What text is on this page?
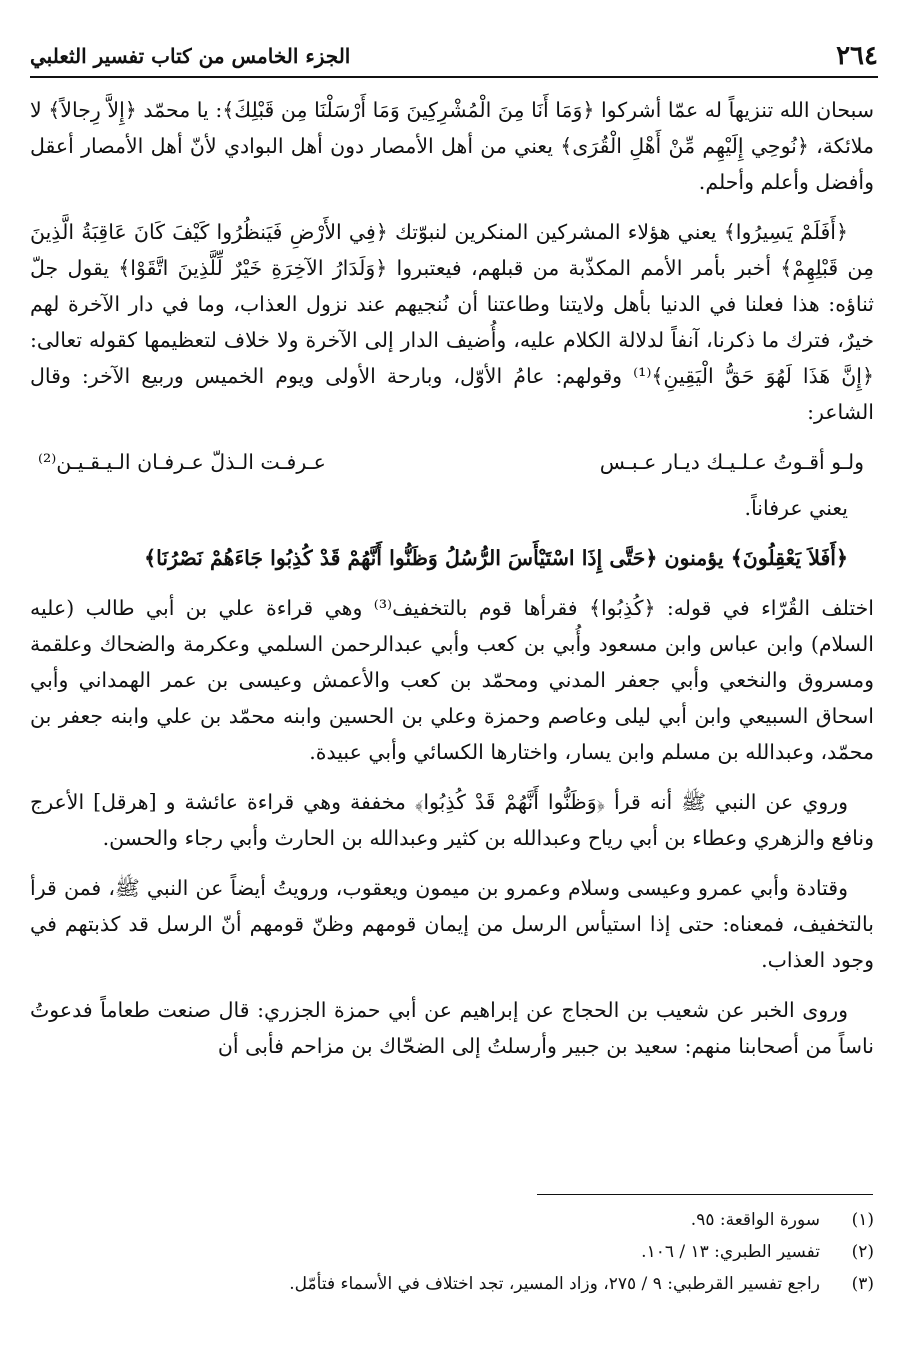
٢٦٤
الجزء الخامس من كتاب تفسير الثعلبي

سبحان الله تنزيهاً له عمّا أشركوا ﴿وَمَا أَنَا مِنَ الْمُشْرِكِينَ وَمَا أَرْسَلْنَا مِن قَبْلِكَ﴾: يا محمّد ﴿إِلاَّ رِجالاً﴾ لا ملائكة، ﴿نُوحِي إِلَيْهِم مِّنْ أَهْلِ الْقُرَى﴾ يعني من أهل الأمصار دون أهل البوادي لأنّ أهل الأمصار أعقل وأفضل وأعلم وأحلم.

﴿أَفَلَمْ يَسِيرُوا﴾ يعني هؤلاء المشركين المنكرين لنبوّتك ﴿فِي الأَرْضِ فَيَنظُرُوا كَيْفَ كَانَ عَاقِبَةُ الَّذِينَ مِن قَبْلِهِمْ﴾ أخبر بأمر الأمم المكذّبة من قبلهم، فيعتبروا ﴿وَلَدَارُ الآخِرَةِ خَيْرٌ لِّلَّذِينَ اتَّقَوْا﴾ يقول جلّ ثناؤه: هذا فعلنا في الدنيا بأهل ولايتنا وطاعتنا أن نُنجيهم عند نزول العذاب، وما في دار الآخرة لهم خيرٌ، فترك ما ذكرنا، آنفاً لدلالة الكلام عليه، وأُضيف الدار إلى الآخرة ولا خلاف لتعظيمها كقوله تعالى: ﴿إِنَّ هَذَا لَهُوَ حَقُّ الْيَقِينِ﴾⁽¹⁾ وقولهم: عامُ الأوّل، وبارحة الأولى ويوم الخميس وربيع الآخر: وقال الشاعر:

ولـو أقـوتُ عـلـيـك ديـار عـبـس
عـرفـت الـذلّ عـرفـان الـيـقـيـن⁽²⁾

يعني عرفاناً.

﴿أَفَلاَ يَعْقِلُونَ﴾ يؤمنون ﴿حَتَّى إِذَا اسْتَيْأَسَ الرُّسُلُ وَظَنُّوا أَنَّهُمْ قَدْ كُذِبُوا جَاءَهُمْ نَصْرُنَا﴾

اختلف القُرّاء في قوله: ﴿كُذِبُوا﴾ فقرأها قوم بالتخفيف⁽³⁾ وهي قراءة علي بن أبي طالب (عليه السلام) وابن عباس وابن مسعود وأُبي بن كعب وأبي عبدالرحمن السلمي وعكرمة والضحاك وعلقمة ومسروق والنخعي وأبي جعفر المدني ومحمّد بن كعب والأعمش وعيسى بن عمر الهمداني وأبي اسحاق السبيعي وابن أبي ليلى وعاصم وحمزة وعلي بن الحسين وابنه محمّد بن علي وابنه جعفر بن محمّد، وعبدالله بن مسلم وابن يسار، واختارها الكسائي وأبي عبيدة.

وروي عن النبي ﷺ أنه قرأ ﴿وَظَنُّوا أَنَّهُمْ قَدْ كُذِبُوا﴾ مخففة وهي قراءة عائشة و [هرقل] الأعرج ونافع والزهري وعطاء بن أبي رياح وعبدالله بن كثير وعبدالله بن الحارث وأبي رجاء والحسن.

وقتادة وأبي عمرو وعيسى وسلام وعمرو بن ميمون ويعقوب، ورويتُ أيضاً عن النبي ﷺ، فمن قرأ بالتخفيف، فمعناه: حتى إذا استيأس الرسل من إيمان قومهم وظنّ قومهم أنّ الرسل قد كذبتهم في وجود العذاب.

وروى الخبر عن شعيب بن الحجاج عن إبراهيم عن أبي حمزة الجزري: قال صنعت طعاماً فدعوتُ ناساً من أصحابنا منهم: سعيد بن جبير وأرسلتُ إلى الضحّاك بن مزاحم فأبى أن

(١)
سورة الواقعة: ٩٥.
(٢)
تفسير الطبري: ١٣ / ١٠٦.
(٣)
راجع تفسير القرطبي: ٩ / ٢٧٥، وزاد المسير، تجد اختلاف في الأسماء فتأمّل.
